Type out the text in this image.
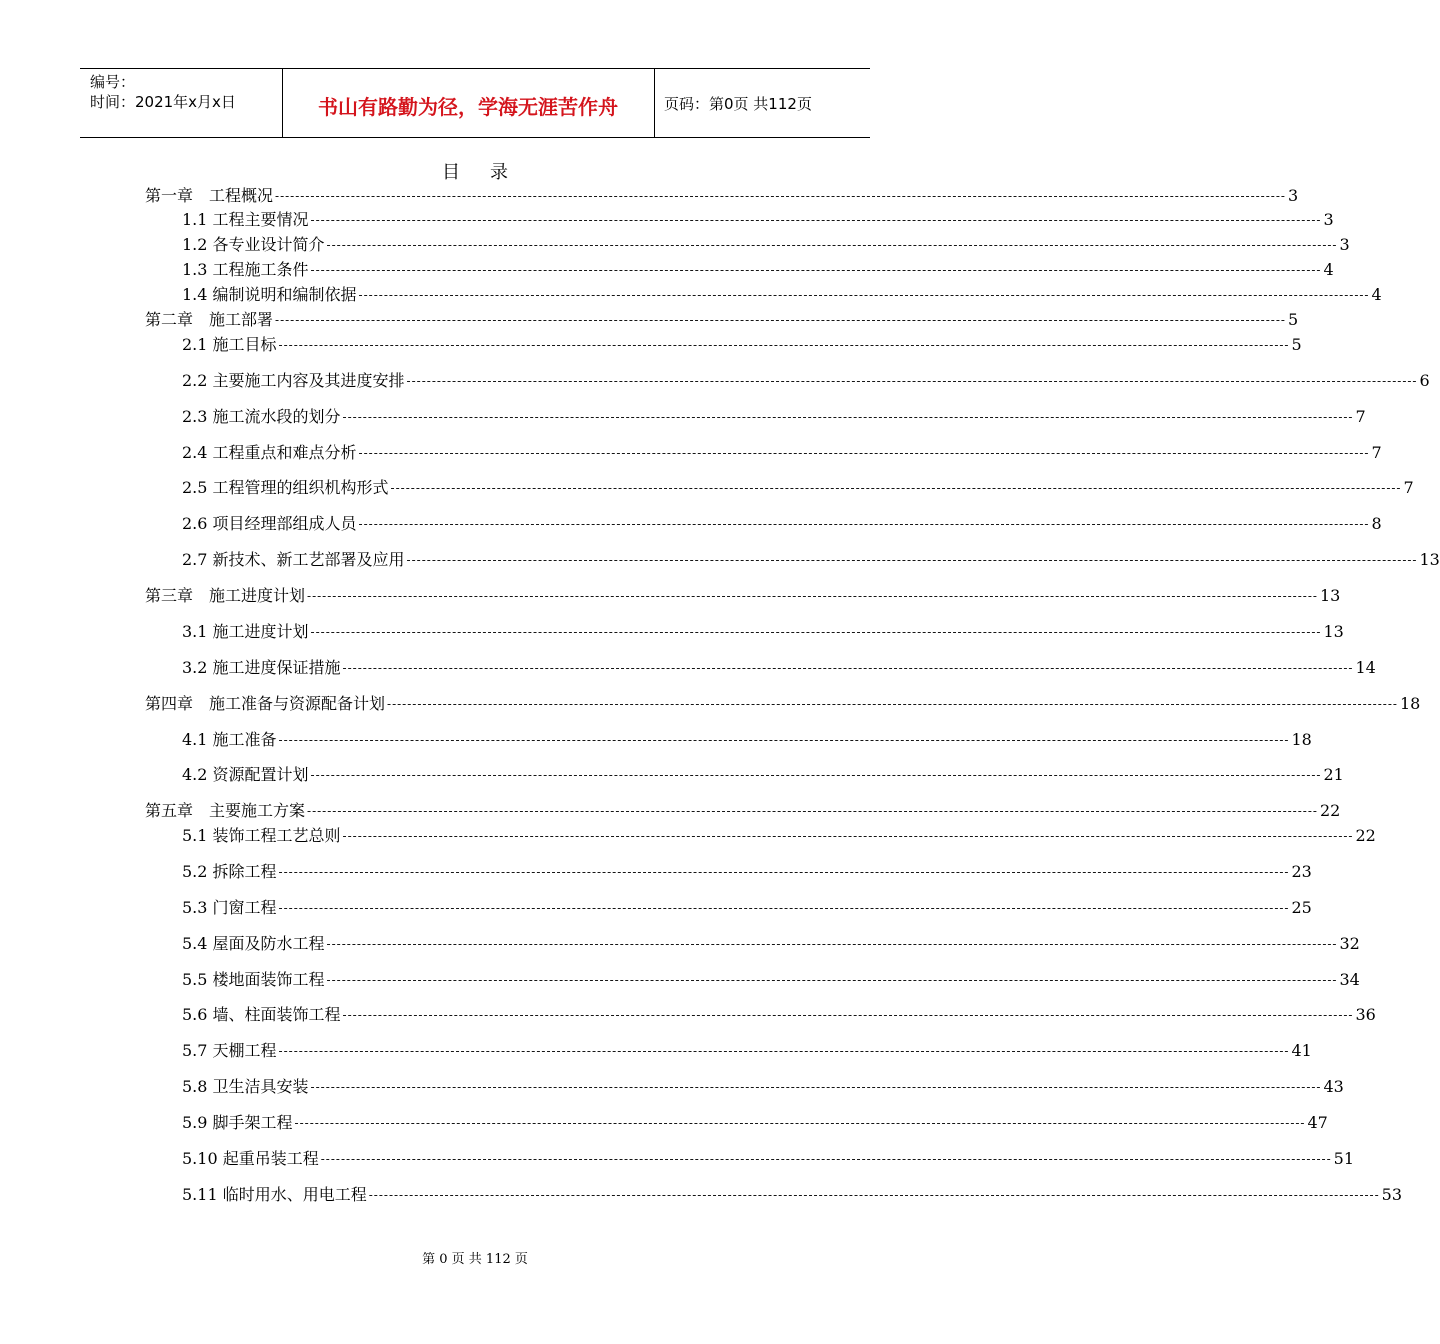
编号：
时间：2021年x月x日	书山有路勤为径，学海无涯苦作舟	页码：第0页 共112页
目录
第一章　工程概况 -------------------------------------------------------------------------------------------------------------------------------------------------------------------------------------------------------- 3
1.1 工程主要情况 -------------------------------------------------------------------------------------------------------------------------------------------------------------------------------------------------------- 3
1.2 各专业设计简介 -------------------------------------------------------------------------------------------------------------------------------------------------------------------------------------------------------- 3
1.3 工程施工条件 -------------------------------------------------------------------------------------------------------------------------------------------------------------------------------------------------------- 4
1.4 编制说明和编制依据 -------------------------------------------------------------------------------------------------------------------------------------------------------------------------------------------------------- 4
第二章　施工部署 -------------------------------------------------------------------------------------------------------------------------------------------------------------------------------------------------------- 5
2.1 施工目标 -------------------------------------------------------------------------------------------------------------------------------------------------------------------------------------------------------- 5
2.2 主要施工内容及其进度安排 -------------------------------------------------------------------------------------------------------------------------------------------------------------------------------------------------------- 6
2.3 施工流水段的划分 -------------------------------------------------------------------------------------------------------------------------------------------------------------------------------------------------------- 7
2.4 工程重点和难点分析 -------------------------------------------------------------------------------------------------------------------------------------------------------------------------------------------------------- 7
2.5 工程管理的组织机构形式 -------------------------------------------------------------------------------------------------------------------------------------------------------------------------------------------------------- 7
2.6 项目经理部组成人员 -------------------------------------------------------------------------------------------------------------------------------------------------------------------------------------------------------- 8
2.7 新技术、新工艺部署及应用 -------------------------------------------------------------------------------------------------------------------------------------------------------------------------------------------------------- 13
第三章　施工进度计划 -------------------------------------------------------------------------------------------------------------------------------------------------------------------------------------------------------- 13
3.1 施工进度计划 -------------------------------------------------------------------------------------------------------------------------------------------------------------------------------------------------------- 13
3.2 施工进度保证措施 -------------------------------------------------------------------------------------------------------------------------------------------------------------------------------------------------------- 14
第四章　施工准备与资源配备计划 -------------------------------------------------------------------------------------------------------------------------------------------------------------------------------------------------------- 18
4.1 施工准备 -------------------------------------------------------------------------------------------------------------------------------------------------------------------------------------------------------- 18
4.2 资源配置计划 -------------------------------------------------------------------------------------------------------------------------------------------------------------------------------------------------------- 21
第五章　主要施工方案 -------------------------------------------------------------------------------------------------------------------------------------------------------------------------------------------------------- 22
5.1 装饰工程工艺总则 -------------------------------------------------------------------------------------------------------------------------------------------------------------------------------------------------------- 22
5.2 拆除工程 -------------------------------------------------------------------------------------------------------------------------------------------------------------------------------------------------------- 23
5.3 门窗工程 -------------------------------------------------------------------------------------------------------------------------------------------------------------------------------------------------------- 25
5.4 屋面及防水工程 -------------------------------------------------------------------------------------------------------------------------------------------------------------------------------------------------------- 32
5.5 楼地面装饰工程 -------------------------------------------------------------------------------------------------------------------------------------------------------------------------------------------------------- 34
5.6 墙、柱面装饰工程 -------------------------------------------------------------------------------------------------------------------------------------------------------------------------------------------------------- 36
5.7 天棚工程 -------------------------------------------------------------------------------------------------------------------------------------------------------------------------------------------------------- 41
5.8 卫生洁具安装 -------------------------------------------------------------------------------------------------------------------------------------------------------------------------------------------------------- 43
5.9 脚手架工程 -------------------------------------------------------------------------------------------------------------------------------------------------------------------------------------------------------- 47
5.10 起重吊装工程 -------------------------------------------------------------------------------------------------------------------------------------------------------------------------------------------------------- 51
5.11 临时用水、用电工程 -------------------------------------------------------------------------------------------------------------------------------------------------------------------------------------------------------- 53
第 0 页 共 112 页
